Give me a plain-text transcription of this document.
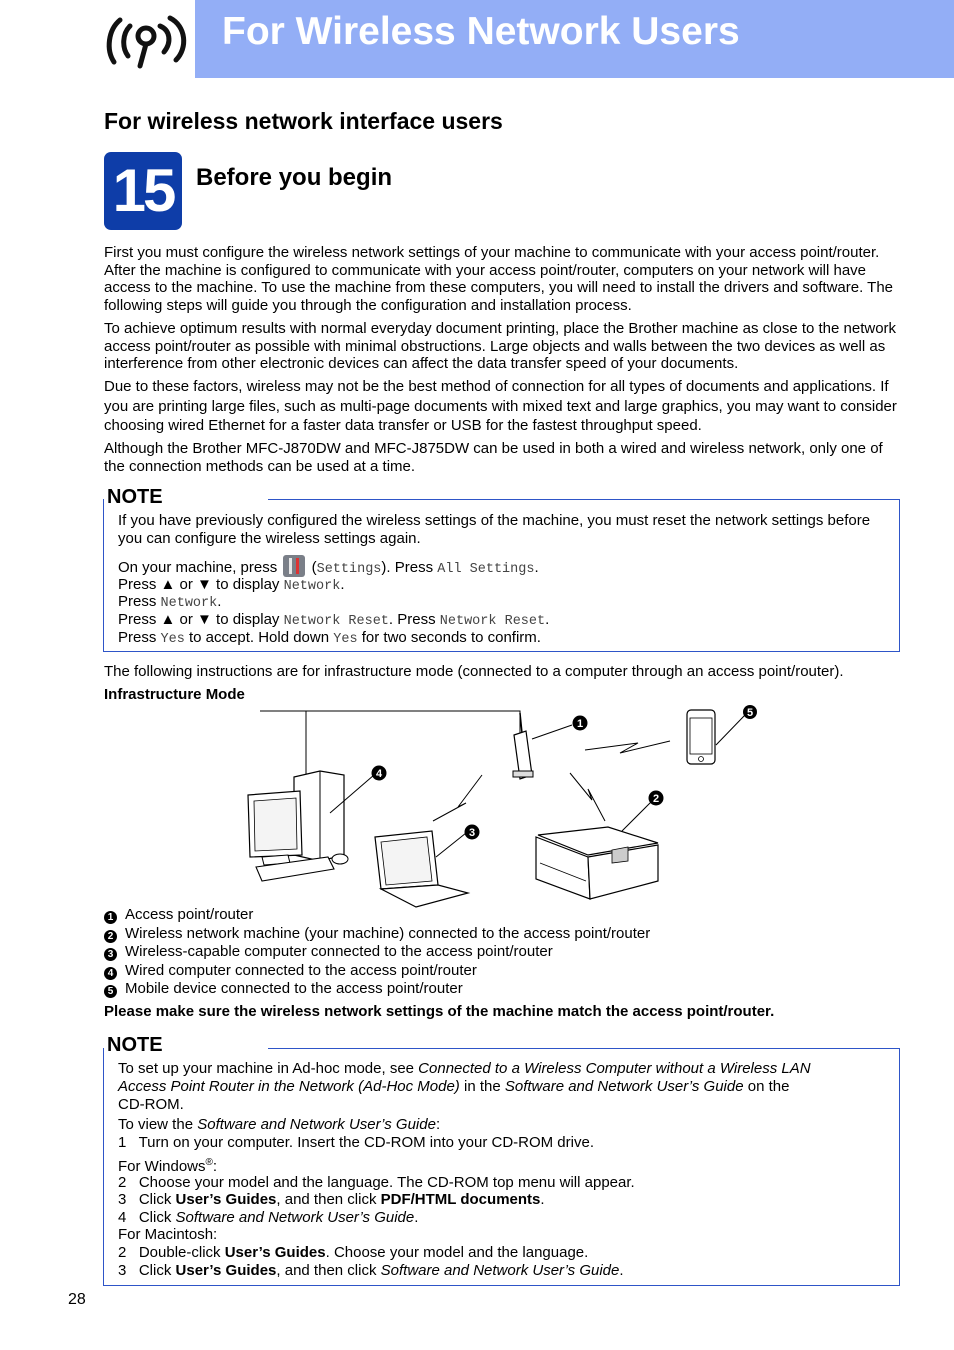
For Wireless Network Users
For wireless network interface users
15 Before you begin

First you must configure the wireless network settings of your machine to communicate with your access point/router. After the machine is configured to communicate with your access point/router, computers on your network will have access to the machine. To use the machine from these computers, you will need to install the drivers and software. The following steps will guide you through the configuration and installation process.

To achieve optimum results with normal everyday document printing, place the Brother machine as close to the network access point/router as possible with minimal obstructions. Large objects and walls between the two devices as well as interference from other electronic devices can affect the data transfer speed of your documents.

Due to these factors, wireless may not be the best method of connection for all types of documents and applications. If you are printing large files, such as multi-page documents with mixed text and large graphics, you may want to consider choosing wired Ethernet for a faster data transfer or USB for the fastest throughput speed.

Although the Brother MFC-J870DW and MFC-J875DW can be used in both a wired and wireless network, only one of the connection methods can be used at a time.

NOTE
If you have previously configured the wireless settings of the machine, you must reset the network settings before you can configure the wireless settings again.
On your machine, press  (Settings). Press All Settings.
Press ▲ or ▼ to display Network.
Press Network.
Press ▲ or ▼ to display Network Reset. Press Network Reset.
Press Yes to accept. Hold down Yes for two seconds to confirm.
The following instructions are for infrastructure mode (connected to a computer through an access point/router).
Infrastructure Mode
1
2
3
4
5
1 Access point/router
2 Wireless network machine (your machine) connected to the access point/router
3 Wireless-capable computer connected to the access point/router
4 Wired computer connected to the access point/router
5 Mobile device connected to the access point/router
Please make sure the wireless network settings of the machine match the access point/router.
NOTE
To set up your machine in Ad-hoc mode, see Connected to a Wireless Computer without a Wireless LAN
Access Point Router in the Network (Ad-Hoc Mode) in the Software and Network User’s Guide on the
CD-ROM.
To view the Software and Network User’s Guide:
1   Turn on your computer. Insert the CD-ROM into your CD-ROM drive.
For Windows®:
2   Choose your model and the language. The CD-ROM top menu will appear.
3   Click User’s Guides, and then click PDF/HTML documents.
4   Click Software and Network User’s Guide.
For Macintosh:
2   Double-click User’s Guides. Choose your model and the language.
3   Click User’s Guides, and then click Software and Network User’s Guide.
28
